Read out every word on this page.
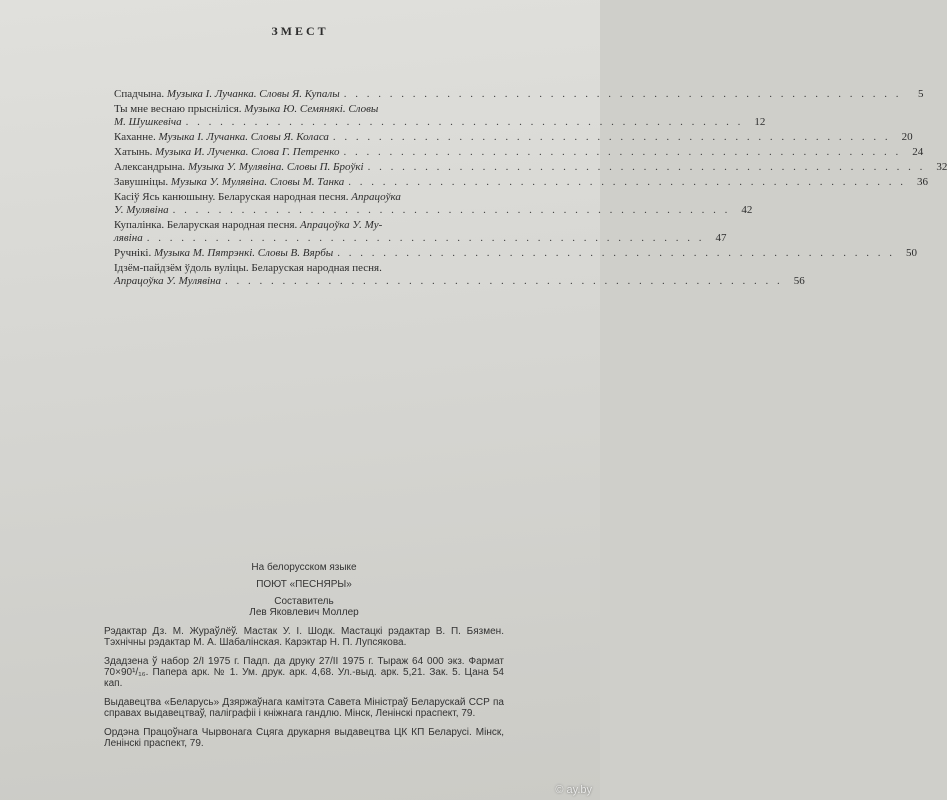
ЗМЕСТ
Спадчына. Музыка І. Лучанка. Словы Я. Купалы . . . . . . . . . . . . . . . . . . . . . . . . . . . . . . . . . . . . . . . . . . . . . . . . .	5
Ты мне веснаю прысніліся. Музыка Ю. Семянякі. Словы
М. Шушкевіча . . . . . . . . . . . . . . . . . . . . . . . . . . . . . . . . . . . . . . . . . . . . . . . . .	12
Каханне. Музыка І. Лучанка. Словы Я. Коласа . . . . . . . . . . . . . . . . . . . . . . . . . . . . . . . . . . . . . . . . . . . . . . . . .	20
Хатынь. Музыка И. Лученка. Слова Г. Петренко . . . . . . . . . . . . . . . . . . . . . . . . . . . . . . . . . . . . . . . . . . . . . . . . .	24
Александрына. Музыка У. Мулявіна. Словы П. Броўкі . . . . . . . . . . . . . . . . . . . . . . . . . . . . . . . . . . . . . . . . . . . . . . . . .	32
Завушніцы. Музыка У. Мулявіна. Словы М. Танка . . . . . . . . . . . . . . . . . . . . . . . . . . . . . . . . . . . . . . . . . . . . . . . . .	36
Касіў Ясь канюшыну. Беларуская народная песня. Апрацоўка
У. Мулявіна . . . . . . . . . . . . . . . . . . . . . . . . . . . . . . . . . . . . . . . . . . . . . . . . .	42
Купалінка. Беларуская народная песня. Апрацоўка У. Му-
лявіна . . . . . . . . . . . . . . . . . . . . . . . . . . . . . . . . . . . . . . . . . . . . . . . . .	47
Ручнікі. Музыка М. Пятрэнкі. Словы В. Вярбы . . . . . . . . . . . . . . . . . . . . . . . . . . . . . . . . . . . . . . . . . . . . . . . . .	50
Ідзём-пайдзём ўдоль вуліцы. Беларуская народная песня.
Апрацоўка У. Мулявіна . . . . . . . . . . . . . . . . . . . . . . . . . . . . . . . . . . . . . . . . . . . . . . . . .	56
На белорусском языке
ПОЮТ «ПЕСНЯРЫ»
Составитель
Лев Яковлевич Моллер
Рэдактар Дз. М. Жураўлёў. Мастак У. І. Шодк. Мастацкі рэдактар В. П. Бязмен. Тэхнічны рэдактар М. А. Шабалінская. Карэктар Н. П. Лупсякова.
Здадзена ў набор 2/І 1975 г. Падп. да друку 27/ІІ 1975 г. Тыраж 64 000 экз. Фармат 70×90¹/₁₆. Папера арк. № 1. Ум. друк. арк. 4,68. Ул.-выд. арк. 5,21. Зак. 5. Цана 54 кап.
Выдавецтва «Беларусь» Дзяржаўнага камітэта Савета Міністраў Беларускай ССР па справах выдавецтваў, паліграфіі і кніжнага гандлю. Мінск, Ленінскі праспект, 79.
Ордэна Працоўнага Чырвонага Сцяга друкарня выдавецтва ЦК КП Беларусі. Мінск, Ленінскі праспект, 79.
© ay.by
